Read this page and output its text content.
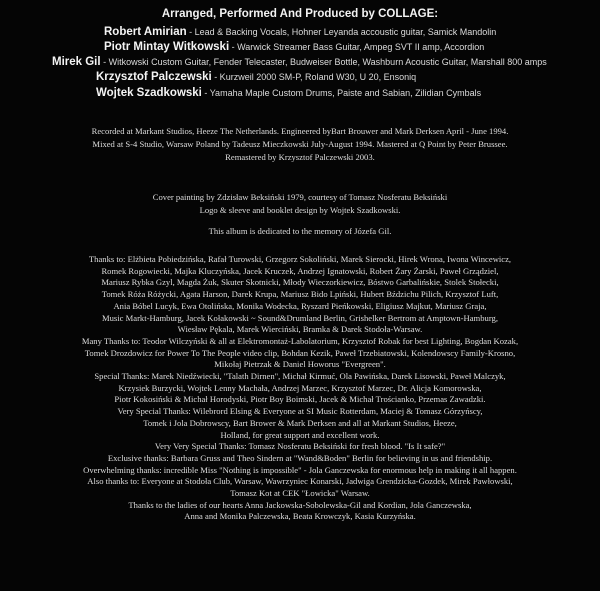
Arranged, Performed And Produced by COLLAGE:
Robert Amirian - Lead & Backing Vocals, Hohner Leyanda accoustic guitar, Samick Mandolin
Piotr Mintay Witkowski - Warwick Streamer Bass Guitar, Ampeg SVT II amp, Accordion
Mirek Gil - Witkowski Custom Guitar, Fender Telecaster, Budweiser Bottle, Washburn Acoustic Guitar, Marshall 800 amps
Krzysztof Palczewski - Kurzweil 2000 SM-P, Roland W30, U 20, Ensoniq
Wojtek Szadkowski - Yamaha Maple Custom Drums, Paiste and Sabian, Zilidian Cymbals
Recorded at Markant Studios, Heeze The Netherlands. Engineered byBart Brouwer and Mark Derksen April - June 1994.
Mixed at S-4 Studio, Warsaw Poland by Tadeusz Mieczkowski July-August 1994. Mastered at Q Point by Peter Brussee.
Remastered by Krzysztof Palczewski 2003.
Cover painting by Zdzisław Beksiński 1979, courtesy of Tomasz Nosferatu Beksiński
Logo & sleeve and booklet design by Wojtek Szadkowski.
This album is dedicated to the memory of Józefa Gil.
Thanks to: Elżbieta Pobiedzińska, Rafał Turowski, Grzegorz Sokoliński, Marek Sierocki, Hirek Wrona, Iwona Wincewicz,
Romek Rogowiecki, Majka Kluczyńska, Jacek Kruczek, Andrzej Ignatowski, Robert Żary Żarski, Paweł Grządziel,
Mariusz Rybka Gzyl, Magda Żuk, Skuter Skotnicki, Młody Wieczorkiewicz, Bóstwo Garbalińskie, Stolek Stołecki,
Tomek Róża Różycki, Agata Harson, Darek Krupa, Mariusz Bido Lpiński, Hubert Bździchu Pilich, Krzysztof Luft,
Ania Bóbel Lucyk, Ewa Otolińska, Monika Wodecka, Ryszard Pieńkowski, Eligiusz Majkut, Mariusz Graja,
Music Markt-Hamburg, Jacek Kołakowski ~ Sound&Drumland Berlin, Grishelker Bertrom at Amptown-Hamburg,
Wiesław Pękala, Marek Wierciński, Bramka & Darek Stodoła-Warsaw.
Many Thanks to: Teodor Wilczyński & all at Elektromontaż-Labolatorium, Krzysztof Robak for best Lighting, Bogdan Kozak,
Tomek Drozdowicz for Power To The People video clip, Bohdan Kezik, Paweł Trzebiatowski, Kolendowscy Family-Krosno,
Mikołaj Pietrzak & Daniel Howorus "Evergreen".
Special Thanks: Marek Niedźwiecki, "Talath Dirnen", Michał Kirmuć, Ola Pawińska, Darek Lisowski, Paweł Malczyk,
Krzysiek Burzycki, Wojtek Lenny Machała, Andrzej Marzec, Krzysztof Marzec, Dr. Alicja Komorowska,
Piotr Kokosiński & Michał Horodyski, Piotr Boy Boimski, Jacek & Michał Trościanko, Przemas Zawadzki.
Very Special Thanks: Wilebrord Elsing & Everyone at SI Music Rotterdam, Maciej & Tomasz Górzyńscy,
Tomek i Jola Dobrowscy, Bart Brower & Mark Derksen and all at Markant Studios, Heeze,
Holland, for great support and excellent work.
Very Very Special Thanks: Tomasz Nosferatu Beksiński for fresh blood. "Is It safe?"
Exclusive thanks: Barbara Gruss and Theo Sindern at "Wand&Boden" Berlin for believing in us and friendship.
Overwhelming thanks: incredible Miss "Nothing is impossible" - Jola Ganczewska for enormous help in making it all happen.
Also thanks to: Everyone at Stodoła Club, Warsaw, Wawrzyniec Konarski, Jadwiga Grendzicka-Gozdek, Mirek Pawłowski,
Tomasz Kot at CEK "Łowicka" Warsaw.
Thanks to the ladies of our hearts Anna Jackowska-Sobolewska-Gil and Kordian, Jola Ganczewska,
Anna and Monika Palczewska, Beata Krowczyk, Kasia Kurzyńska.
